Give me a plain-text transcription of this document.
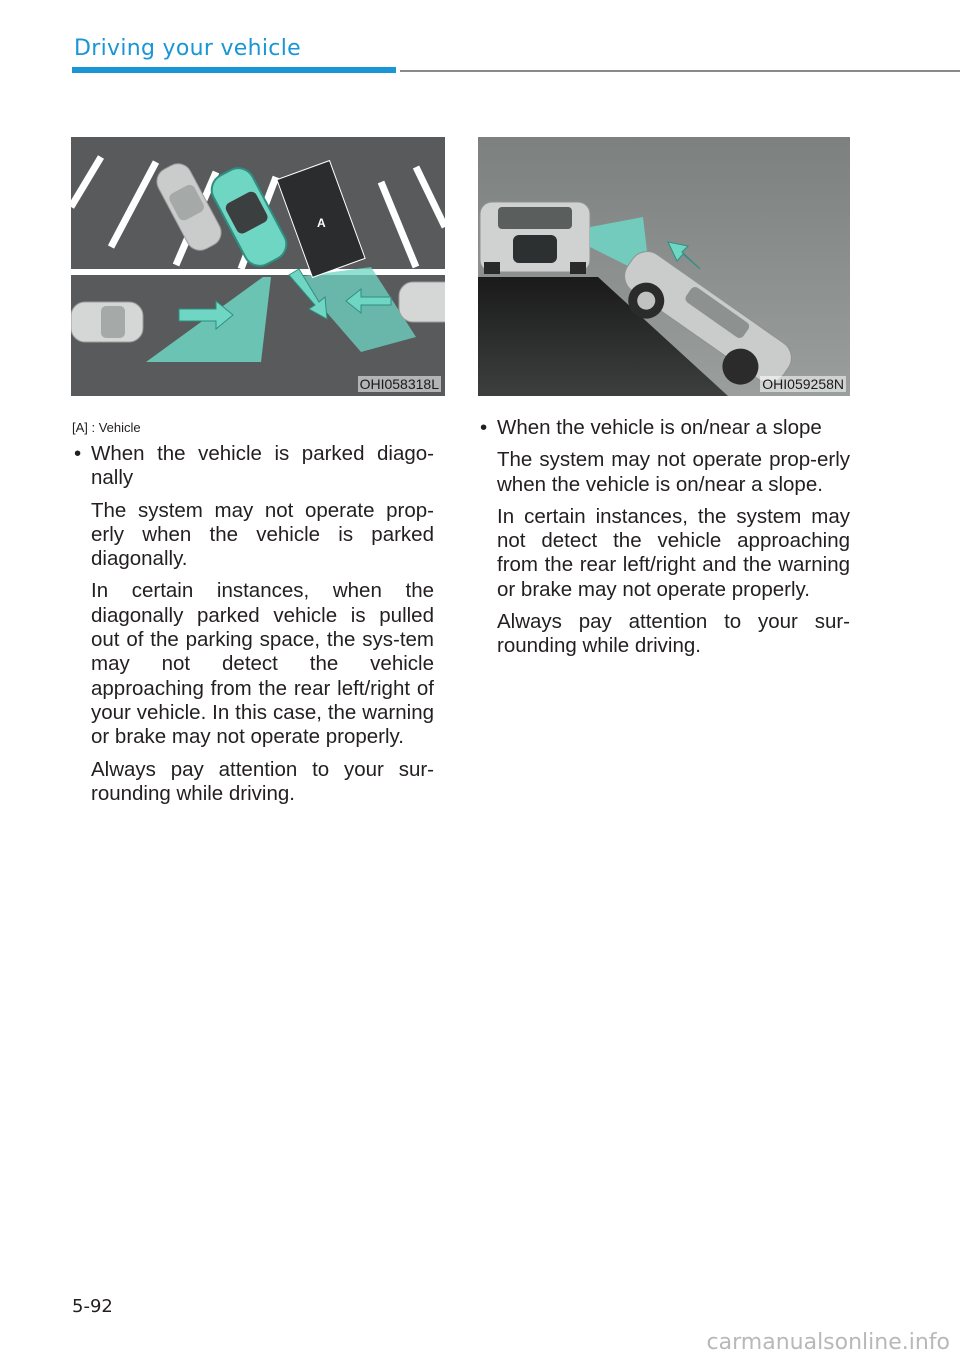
Driving your vehicle
A
OHI058318L	OHI059258N
[A] : Vehicle
• When the vehicle is parked diago-nally
The system may not operate prop-erly when the vehicle is parked diagonally.
In certain instances, when the diagonally parked vehicle is pulled out of the parking space, the sys-tem may not detect the vehicle approaching from the rear left/right of your vehicle. In this case, the warning or brake may not operate properly.
Always pay attention to your sur-rounding while driving.
• When the vehicle is on/near a slope
The system may not operate prop-erly when the vehicle is on/near a slope.
In certain instances, the system may not detect the vehicle approaching from the rear left/right and the warning or brake may not operate properly.
Always pay attention to your sur-rounding while driving.
5-92
carmanualsonline.info
